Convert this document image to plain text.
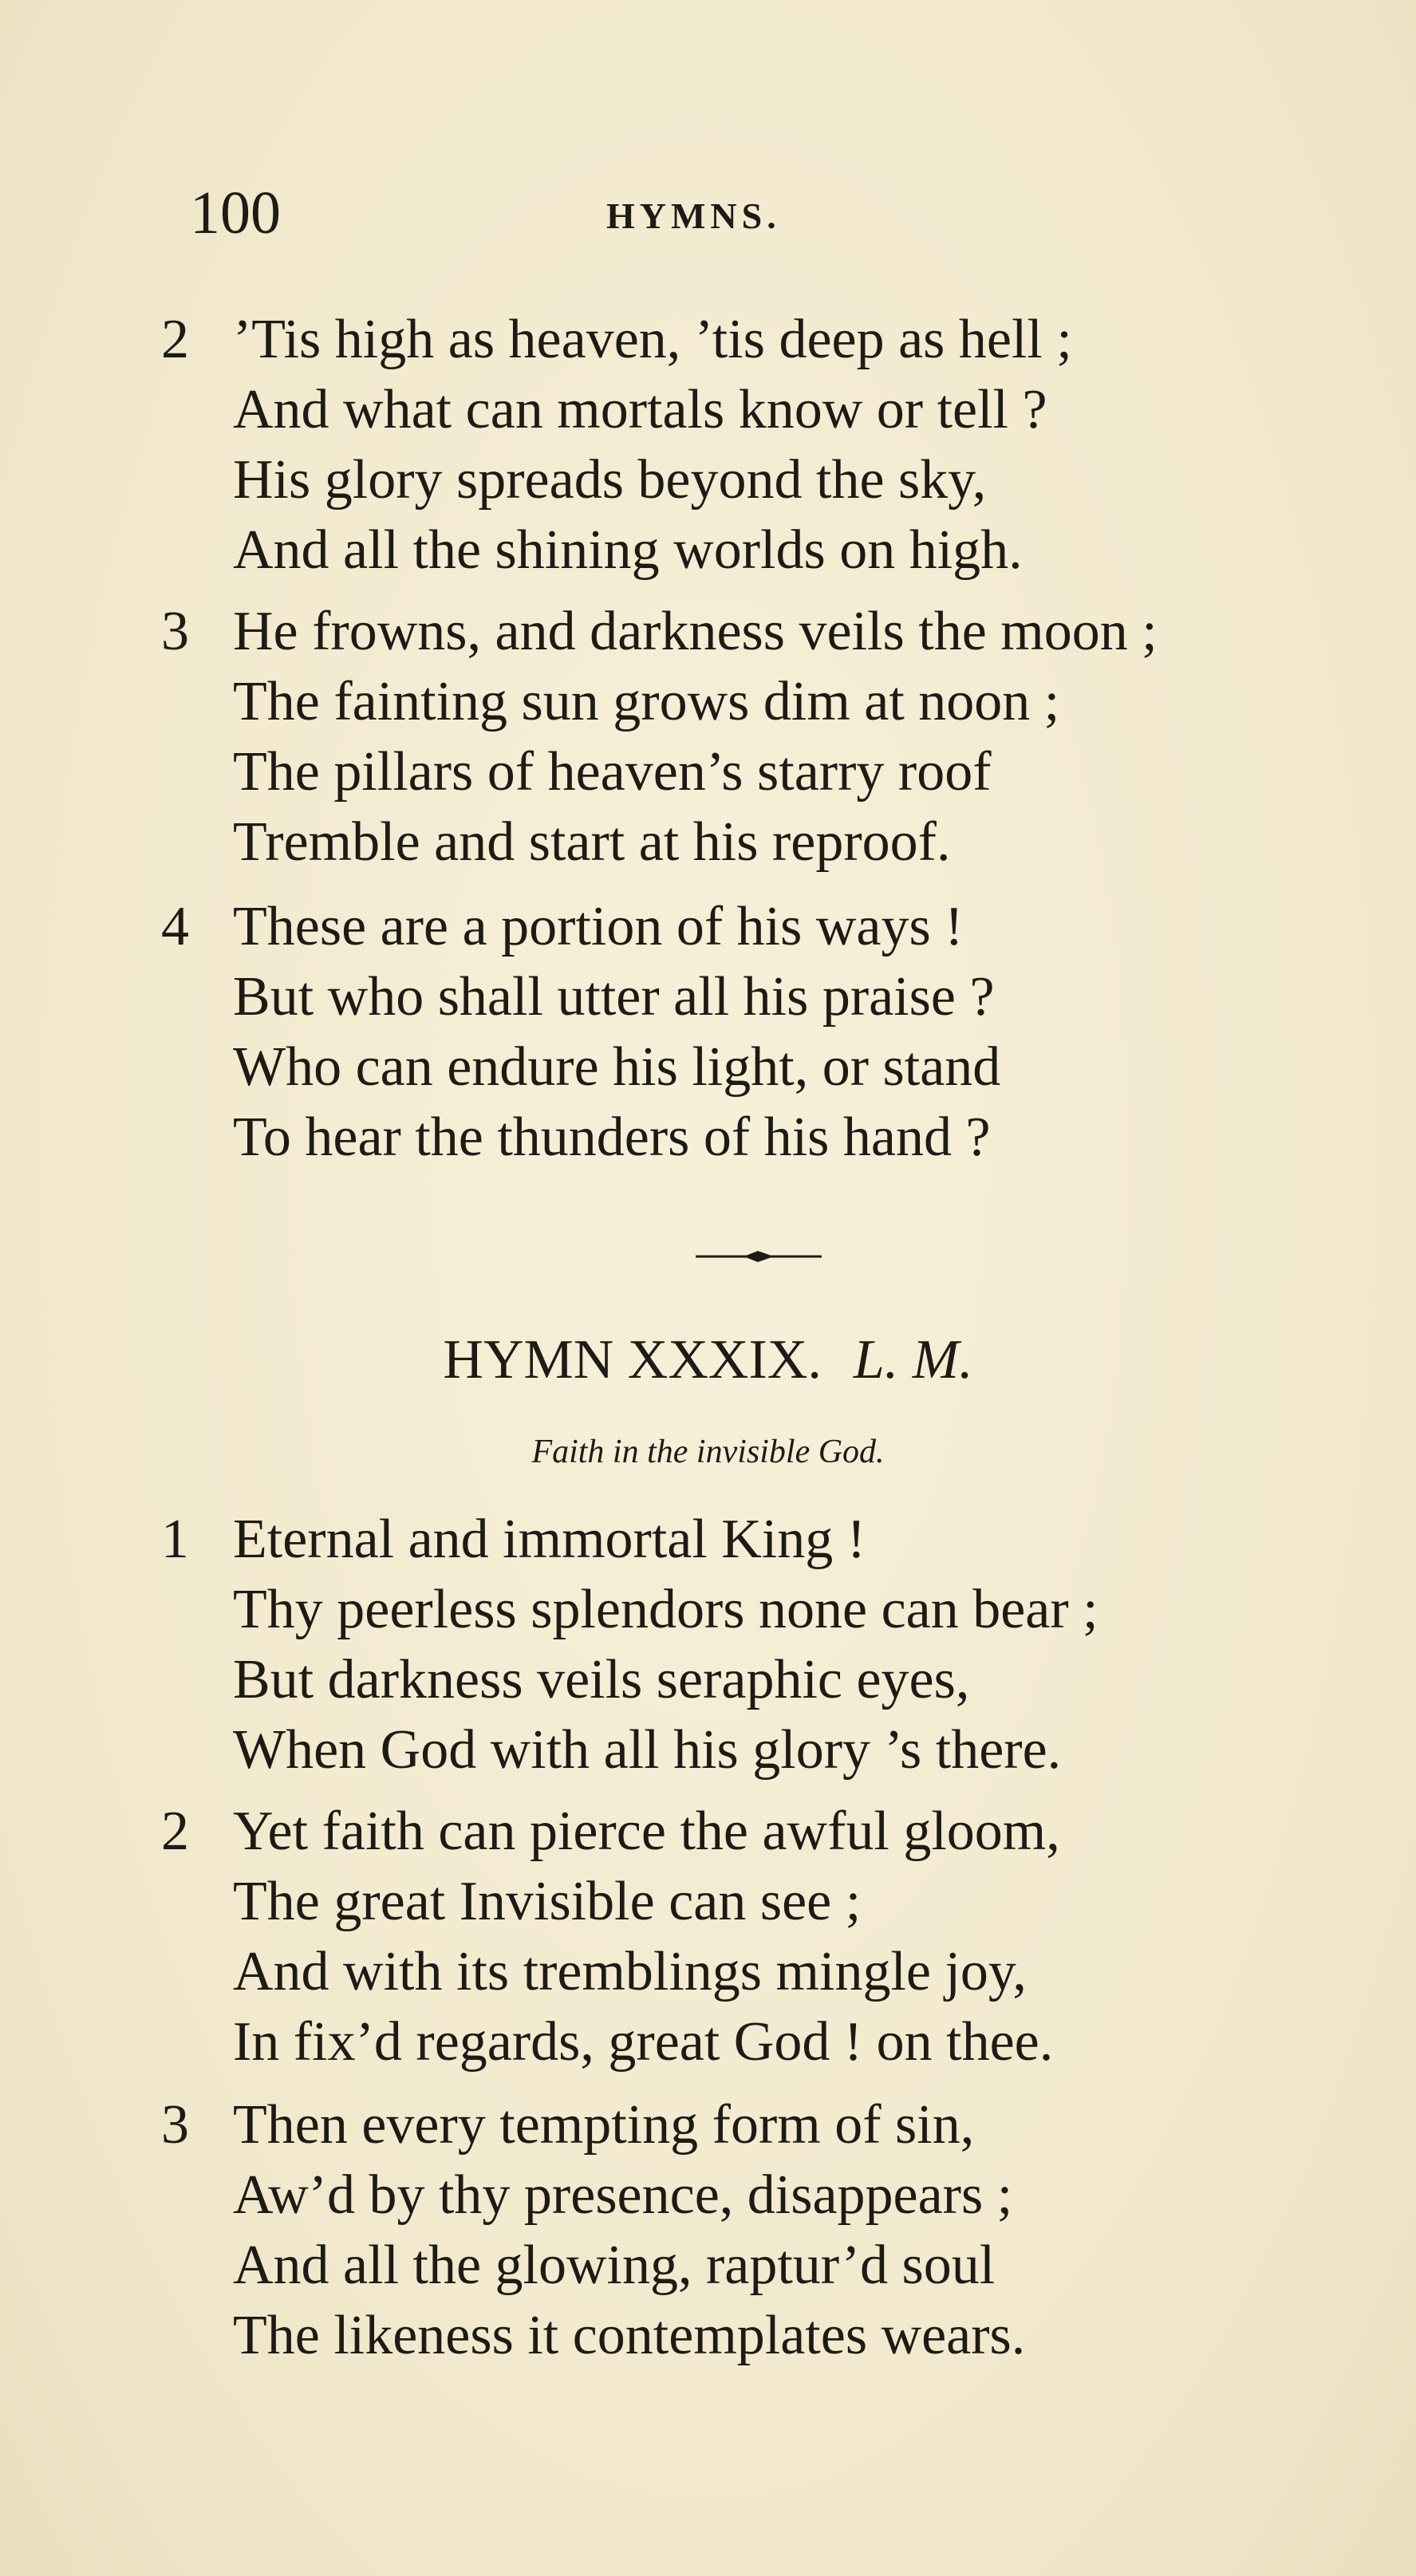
100	HYMNS.
2 ’Tis high as heaven, ’tis deep as hell ;
And what can mortals know or tell ?
His glory spreads beyond the sky,
And all the shining worlds on high.
3 He frowns, and darkness veils the moon ;
The fainting sun grows dim at noon ;
The pillars of heaven’s starry roof
Tremble and start at his reproof.
4 These are a portion of his ways !
But who shall utter all his praise ?
Who can endure his light, or stand
To hear the thunders of his hand ?
HYMN XXXIX. L. M.
Faith in the invisible God.
1 Eternal and immortal King !
Thy peerless splendors none can bear ;
But darkness veils seraphic eyes,
When God with all his glory ’s there.
2 Yet faith can pierce the awful gloom,
The great Invisible can see ;
And with its tremblings mingle joy,
In fix’d regards, great God ! on thee.
3 Then every tempting form of sin,
Aw’d by thy presence, disappears ;
And all the glowing, raptur’d soul
The likeness it contemplates wears.
